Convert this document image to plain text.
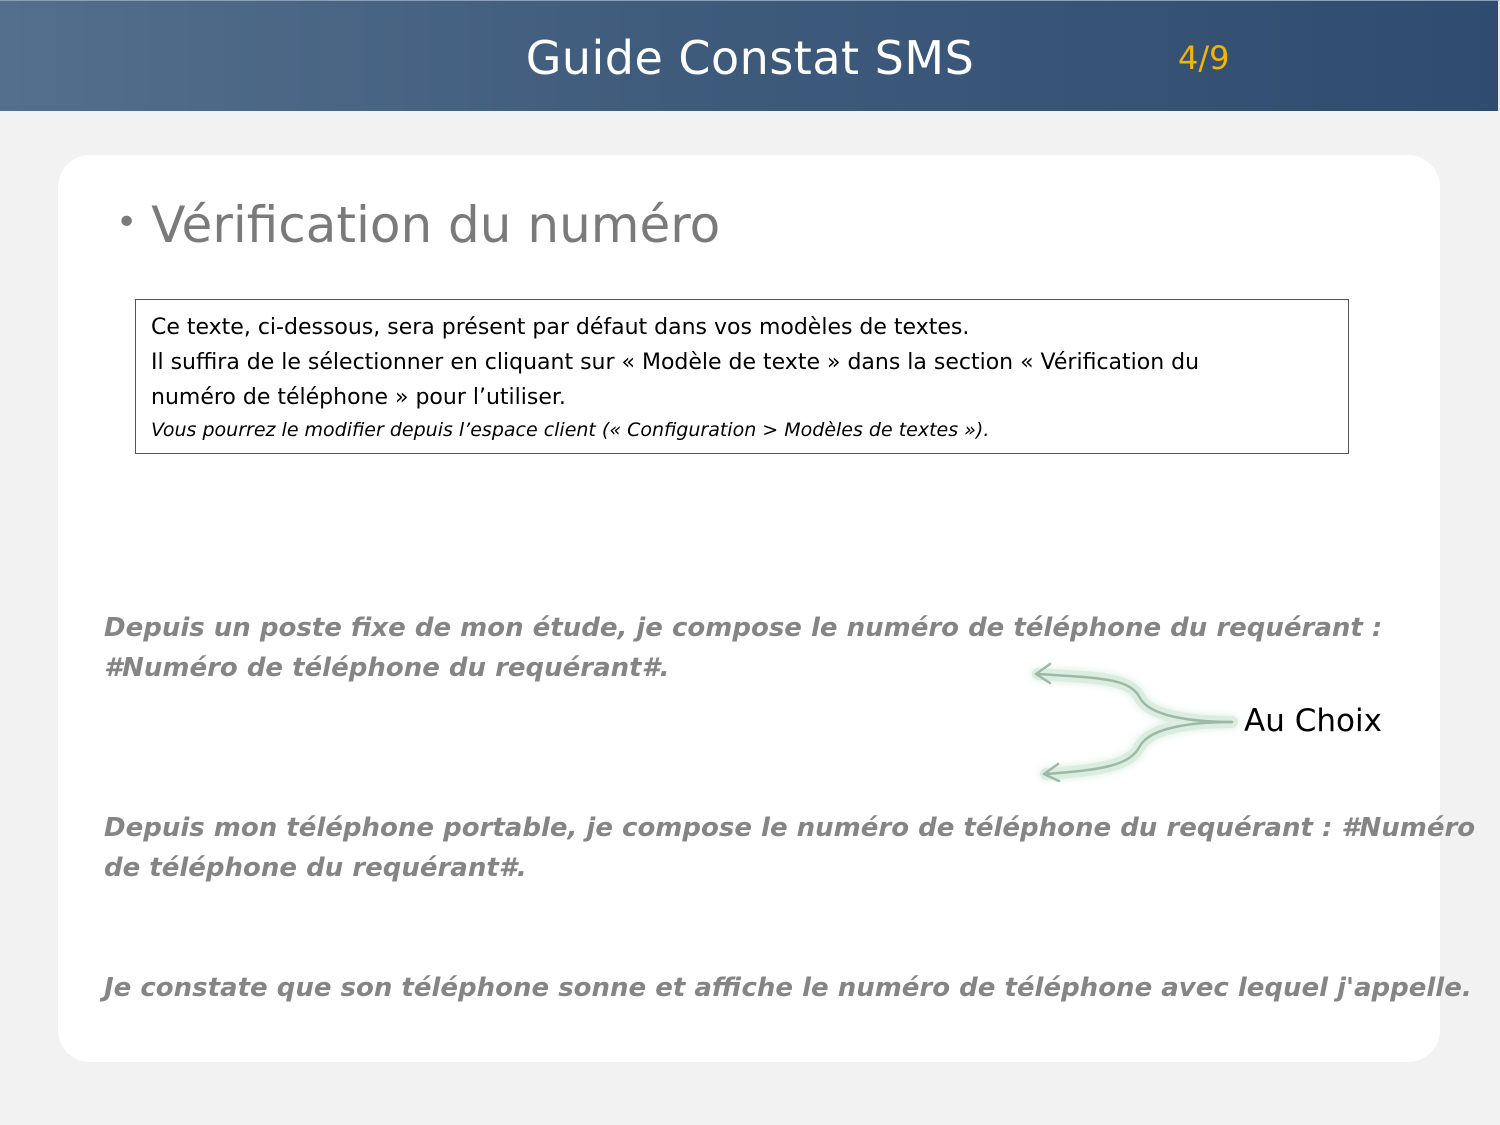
Guide Constat SMS	4/9
• Vérification du numéro
Ce texte, ci-dessous, sera présent par défaut dans vos modèles de textes.
Il suffira de le sélectionner en cliquant sur « Modèle de texte » dans la section « Vérification du
numéro de téléphone » pour l’utiliser.
Vous pourrez le modifier depuis l’espace client (« Configuration > Modèles de textes »).
Depuis un poste fixe de mon étude, je compose le numéro de téléphone du requérant :
#Numéro de téléphone du requérant#.
Depuis mon téléphone portable, je compose le numéro de téléphone du requérant : #Numéro
de téléphone du requérant#.
Je constate que son téléphone sonne et affiche le numéro de téléphone avec lequel j'appelle.
Au Choix
